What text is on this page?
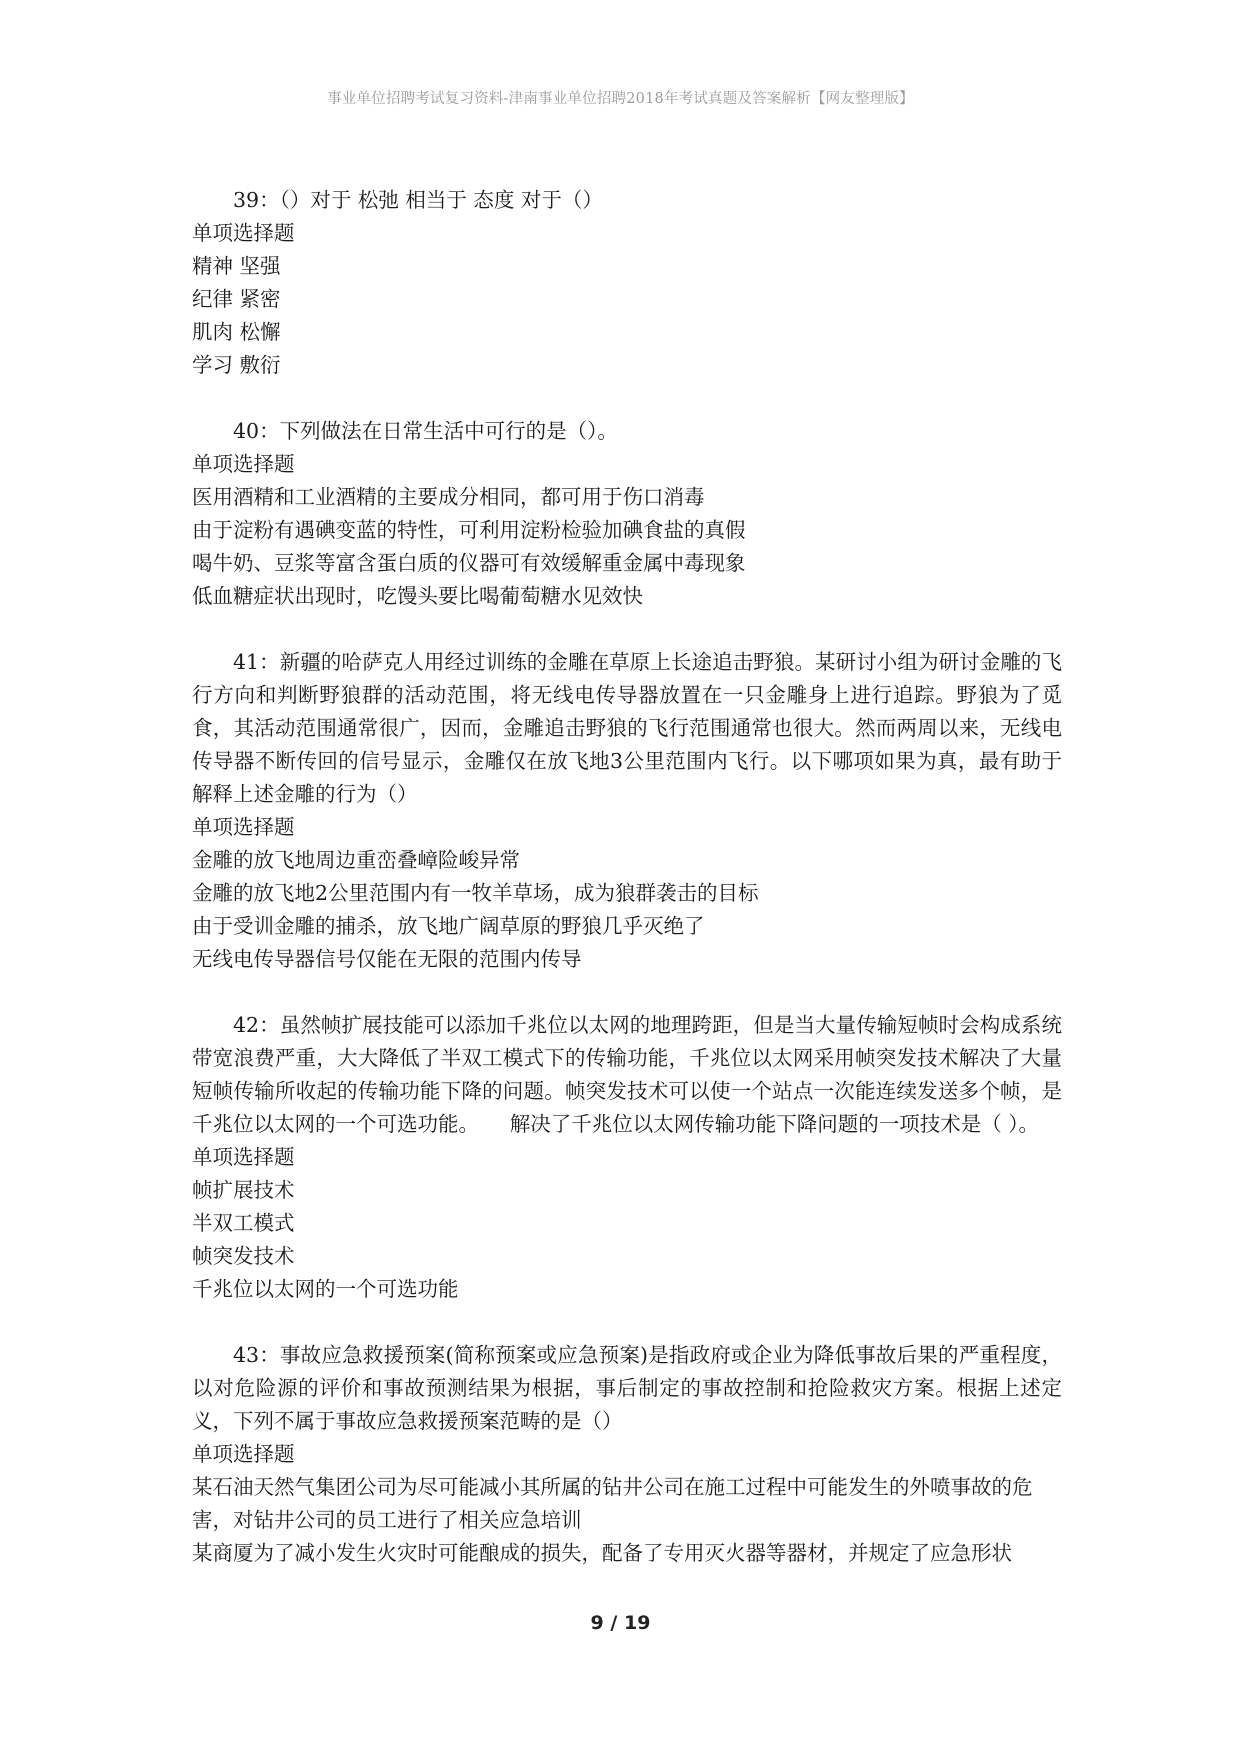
事业单位招聘考试复习资料-津南事业单位招聘2018年考试真题及答案解析【网友整理版】

39：（）对于 松弛 相当于 态度 对于（）

单项选择题

精神 坚强

纪律 紧密

肌肉 松懈

学习 敷衍

40：下列做法在日常生活中可行的是（）。

单项选择题

医用酒精和工业酒精的主要成分相同，都可用于伤口消毒

由于淀粉有遇碘变蓝的特性，可利用淀粉检验加碘食盐的真假

喝牛奶、豆浆等富含蛋白质的仪器可有效缓解重金属中毒现象

低血糖症状出现时，吃馒头要比喝葡萄糖水见效快

41：新疆的哈萨克人用经过训练的金雕在草原上长途追击野狼。某研讨小组为研讨金雕的飞行方向和判断野狼群的活动范围，将无线电传导器放置在一只金雕身上进行追踪。野狼为了觅食，其活动范围通常很广，因而，金雕追击野狼的飞行范围通常也很大。然而两周以来，无线电传导器不断传回的信号显示，金雕仅在放飞地3公里范围内飞行。以下哪项如果为真，最有助于解释上述金雕的行为（）

单项选择题

金雕的放飞地周边重峦叠嶂险峻异常

金雕的放飞地2公里范围内有一牧羊草场，成为狼群袭击的目标

由于受训金雕的捕杀，放飞地广阔草原的野狼几乎灭绝了

无线电传导器信号仅能在无限的范围内传导

42：虽然帧扩展技能可以添加千兆位以太网的地理跨距，但是当大量传输短帧时会构成系统带宽浪费严重，大大降低了半双工模式下的传输功能，千兆位以太网采用帧突发技术解决了大量短帧传输所收起的传输功能下降的问题。帧突发技术可以使一个站点一次能连续发送多个帧，是千兆位以太网的一个可选功能。　　解决了千兆位以太网传输功能下降问题的一项技术是（ ）。

单项选择题

帧扩展技术

半双工模式

帧突发技术

千兆位以太网的一个可选功能

43：事故应急救援预案(简称预案或应急预案)是指政府或企业为降低事故后果的严重程度，以对危险源的评价和事故预测结果为根据，事后制定的事故控制和抢险救灾方案。根据上述定义，下列不属于事故应急救援预案范畴的是（）

单项选择题

某石油天然气集团公司为尽可能减小其所属的钻井公司在施工过程中可能发生的外喷事故的危害，对钻井公司的员工进行了相关应急培训

某商厦为了减小发生火灾时可能酿成的损失，配备了专用灭火器等器材，并规定了应急形状

9 / 19
